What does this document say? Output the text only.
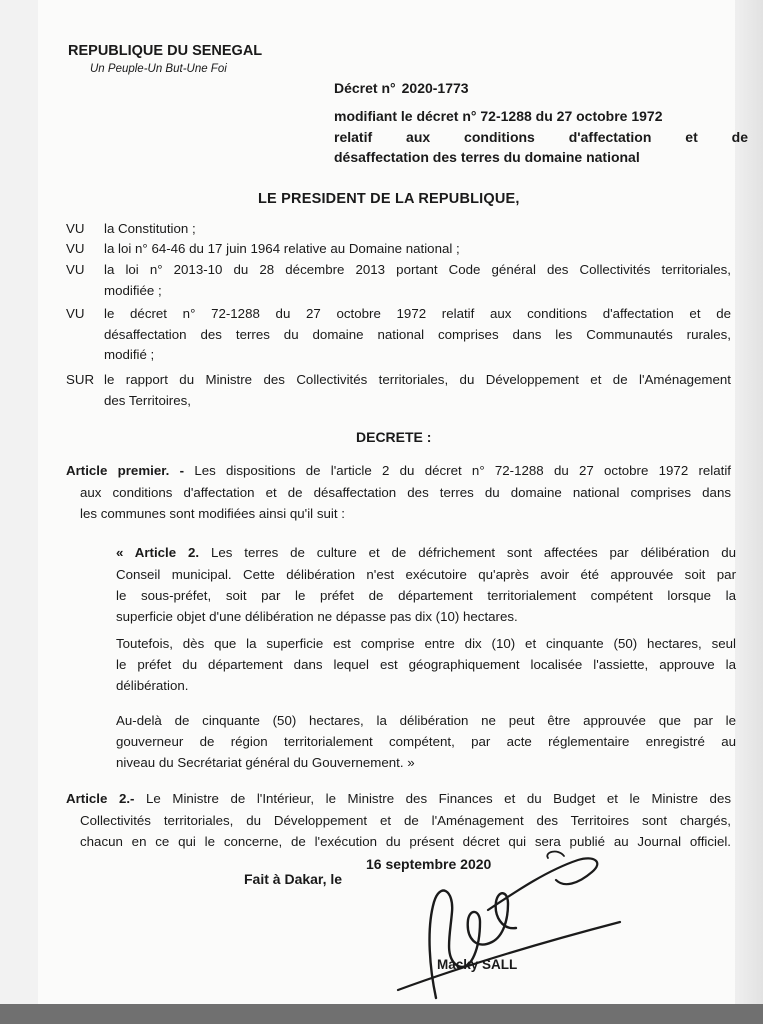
REPUBLIQUE DU SENEGAL
Un Peuple-Un But-Une Foi
Décret n° 2020-1773
modifiant le décret n° 72-1288 du 27 octobre 1972
relatif aux conditions d'affectation et de
désaffectation des terres du domaine national
LE PRESIDENT DE LA REPUBLIQUE,
VU la Constitution ;
VU la loi n° 64-46 du 17 juin 1964 relative au Domaine national ;
VU la loi n° 2013-10 du 28 décembre 2013 portant Code général des Collectivités territoriales,
modifiée ;
VU le décret n° 72-1288 du 27 octobre 1972 relatif aux conditions d'affectation et de
désaffectation des terres du domaine national comprises dans les Communautés rurales,
modifié ;
SUR le rapport du Ministre des Collectivités territoriales, du Développement et de l'Aménagement
des Territoires,
DECRETE :
Article premier. - Les dispositions de l'article 2 du décret n° 72-1288 du 27 octobre 1972 relatif
aux conditions d'affectation et de désaffectation des terres du domaine national comprises dans
les communes sont modifiées ainsi qu'il suit :
« Article 2. Les terres de culture et de défrichement sont affectées par délibération du
Conseil municipal. Cette délibération n'est exécutoire qu'après avoir été approuvée soit par
le sous-préfet, soit par le préfet de département territorialement compétent lorsque la
superficie objet d'une délibération ne dépasse pas dix (10) hectares.
Toutefois, dès que la superficie est comprise entre dix (10) et cinquante (50) hectares, seul
le préfet du département dans lequel est géographiquement localisée l'assiette, approuve la
délibération.
Au-delà de cinquante (50) hectares, la délibération ne peut être approuvée que par le
gouverneur de région territorialement compétent, par acte réglementaire enregistré au
niveau du Secrétariat général du Gouvernement. »
Article 2.- Le Ministre de l'Intérieur, le Ministre des Finances et du Budget et le Ministre des
Collectivités territoriales, du Développement et de l'Aménagement des Territoires sont chargés,
chacun en ce qui le concerne, de l'exécution du présent décret qui sera publié au Journal officiel.
Fait à Dakar, le
16 septembre 2020
Macky SALL
